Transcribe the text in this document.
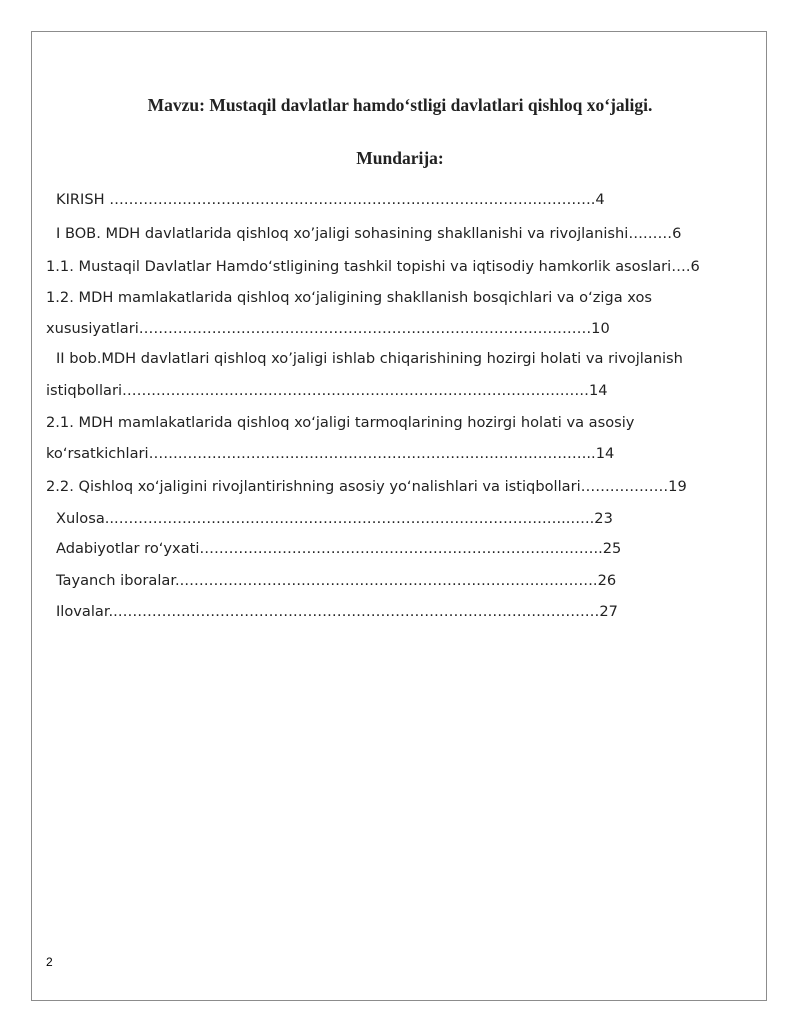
Mavzu: Mustaqil davlatlar hamdoʻstligi davlatlari qishloq xoʻjaligi.
Mundarija:

KIRISH ……………………………………………………………………………………….4

I BOB. MDH davlatlarida qishloq xo’jaligi sohasining shakllanishi va rivojlanishi………6

1.1. Mustaqil Davlatlar Hamdoʻstligining tashkil topishi va iqtisodiy hamkorlik asoslari….6

1.2. MDH mamlakatlarida qishloq xoʻjaligining shakllanish bosqichlari va oʻziga xos

xususiyatlari…………………………………………………………………………………10

II bob.MDH davlatlari qishloq xo’jaligi ishlab chiqarishining hozirgi holati va rivojlanish

istiqbollari……………………………………………………………………………………14

2.1. MDH mamlakatlarida qishloq xoʻjaligi tarmoqlarining hozirgi holati va asosiy

koʻrsatkichlari………………………………………………………………………………..14

2.2. Qishloq xoʻjaligini rivojlantirishning asosiy yoʻnalishlari va istiqbollari………………19

Xulosa...………………………………………………………………………………...…..23

Adabiyotlar roʻyxati………………………………………………………………………..25

Tayanch iboralar..………………………………………………………………………….26

Ilovalar..………………………………………………………………………………………27

2
